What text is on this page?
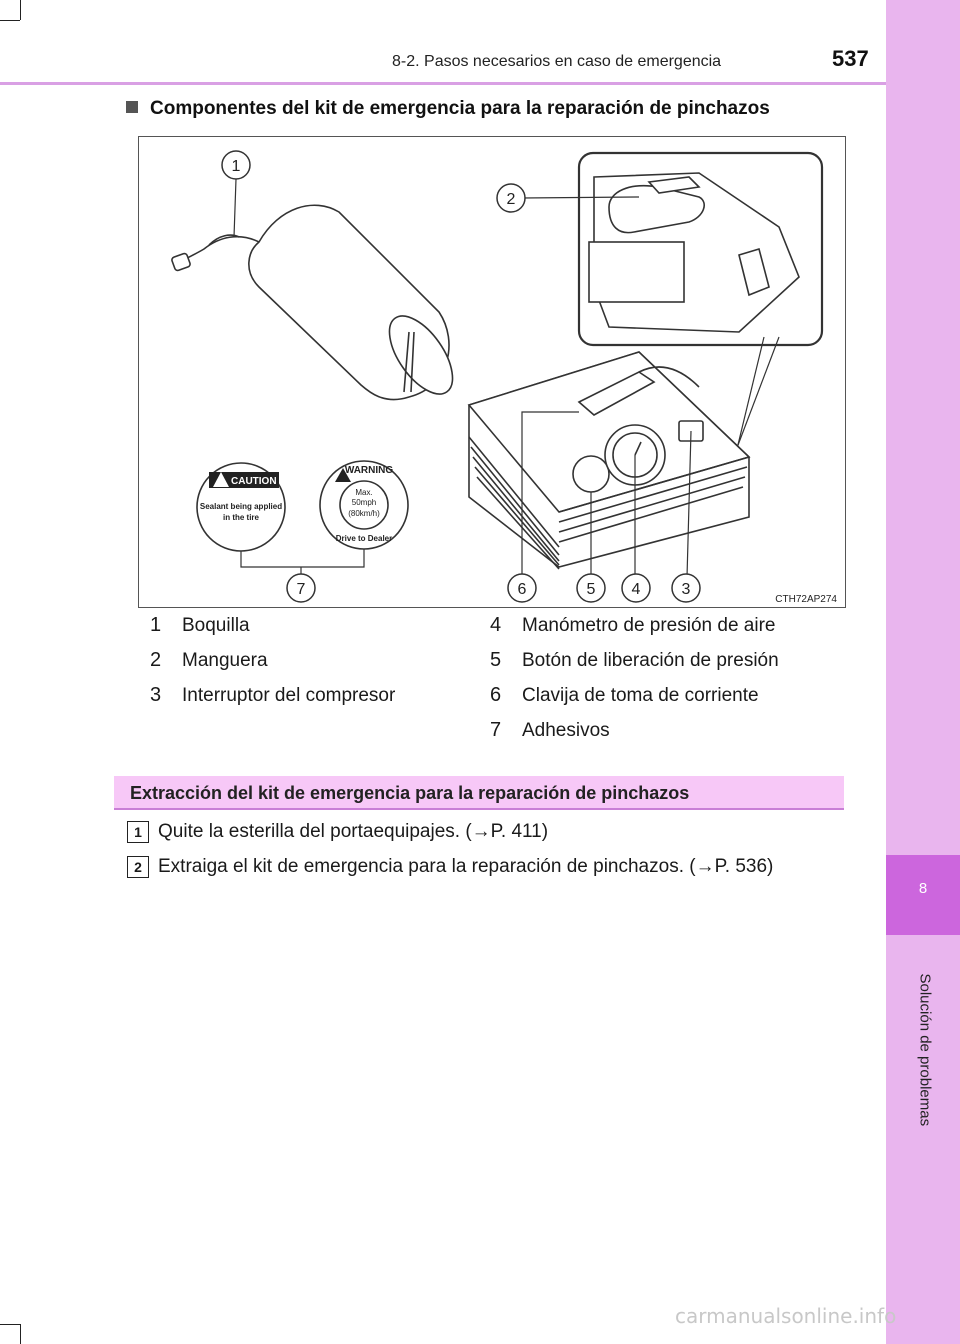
8
Solución de problemas
8-2. Pasos necesarios en caso de emergencia	537
Componentes del kit de emergencia para la reparación de pinchazos
CAUTION
Sealant being applied
in the tire
WARNING
Max.
50mph
(80km/h)
Drive to Dealer
1
2
6	5 4	3
7
CTH72AP274
1 Boquilla
2 Manguera
3 Interruptor del compresor
4 Manómetro de presión de aire
5 Botón de liberación de presión
6 Clavija de toma de corriente
7 Adhesivos
Extracción del kit de emergencia para la reparación de pinchazos
1 Quite la esterilla del portaequipajes. (→P. 411)
2 Extraiga el kit de emergencia para la reparación de pinchazos. (→P. 536)
carmanualsonline.info
